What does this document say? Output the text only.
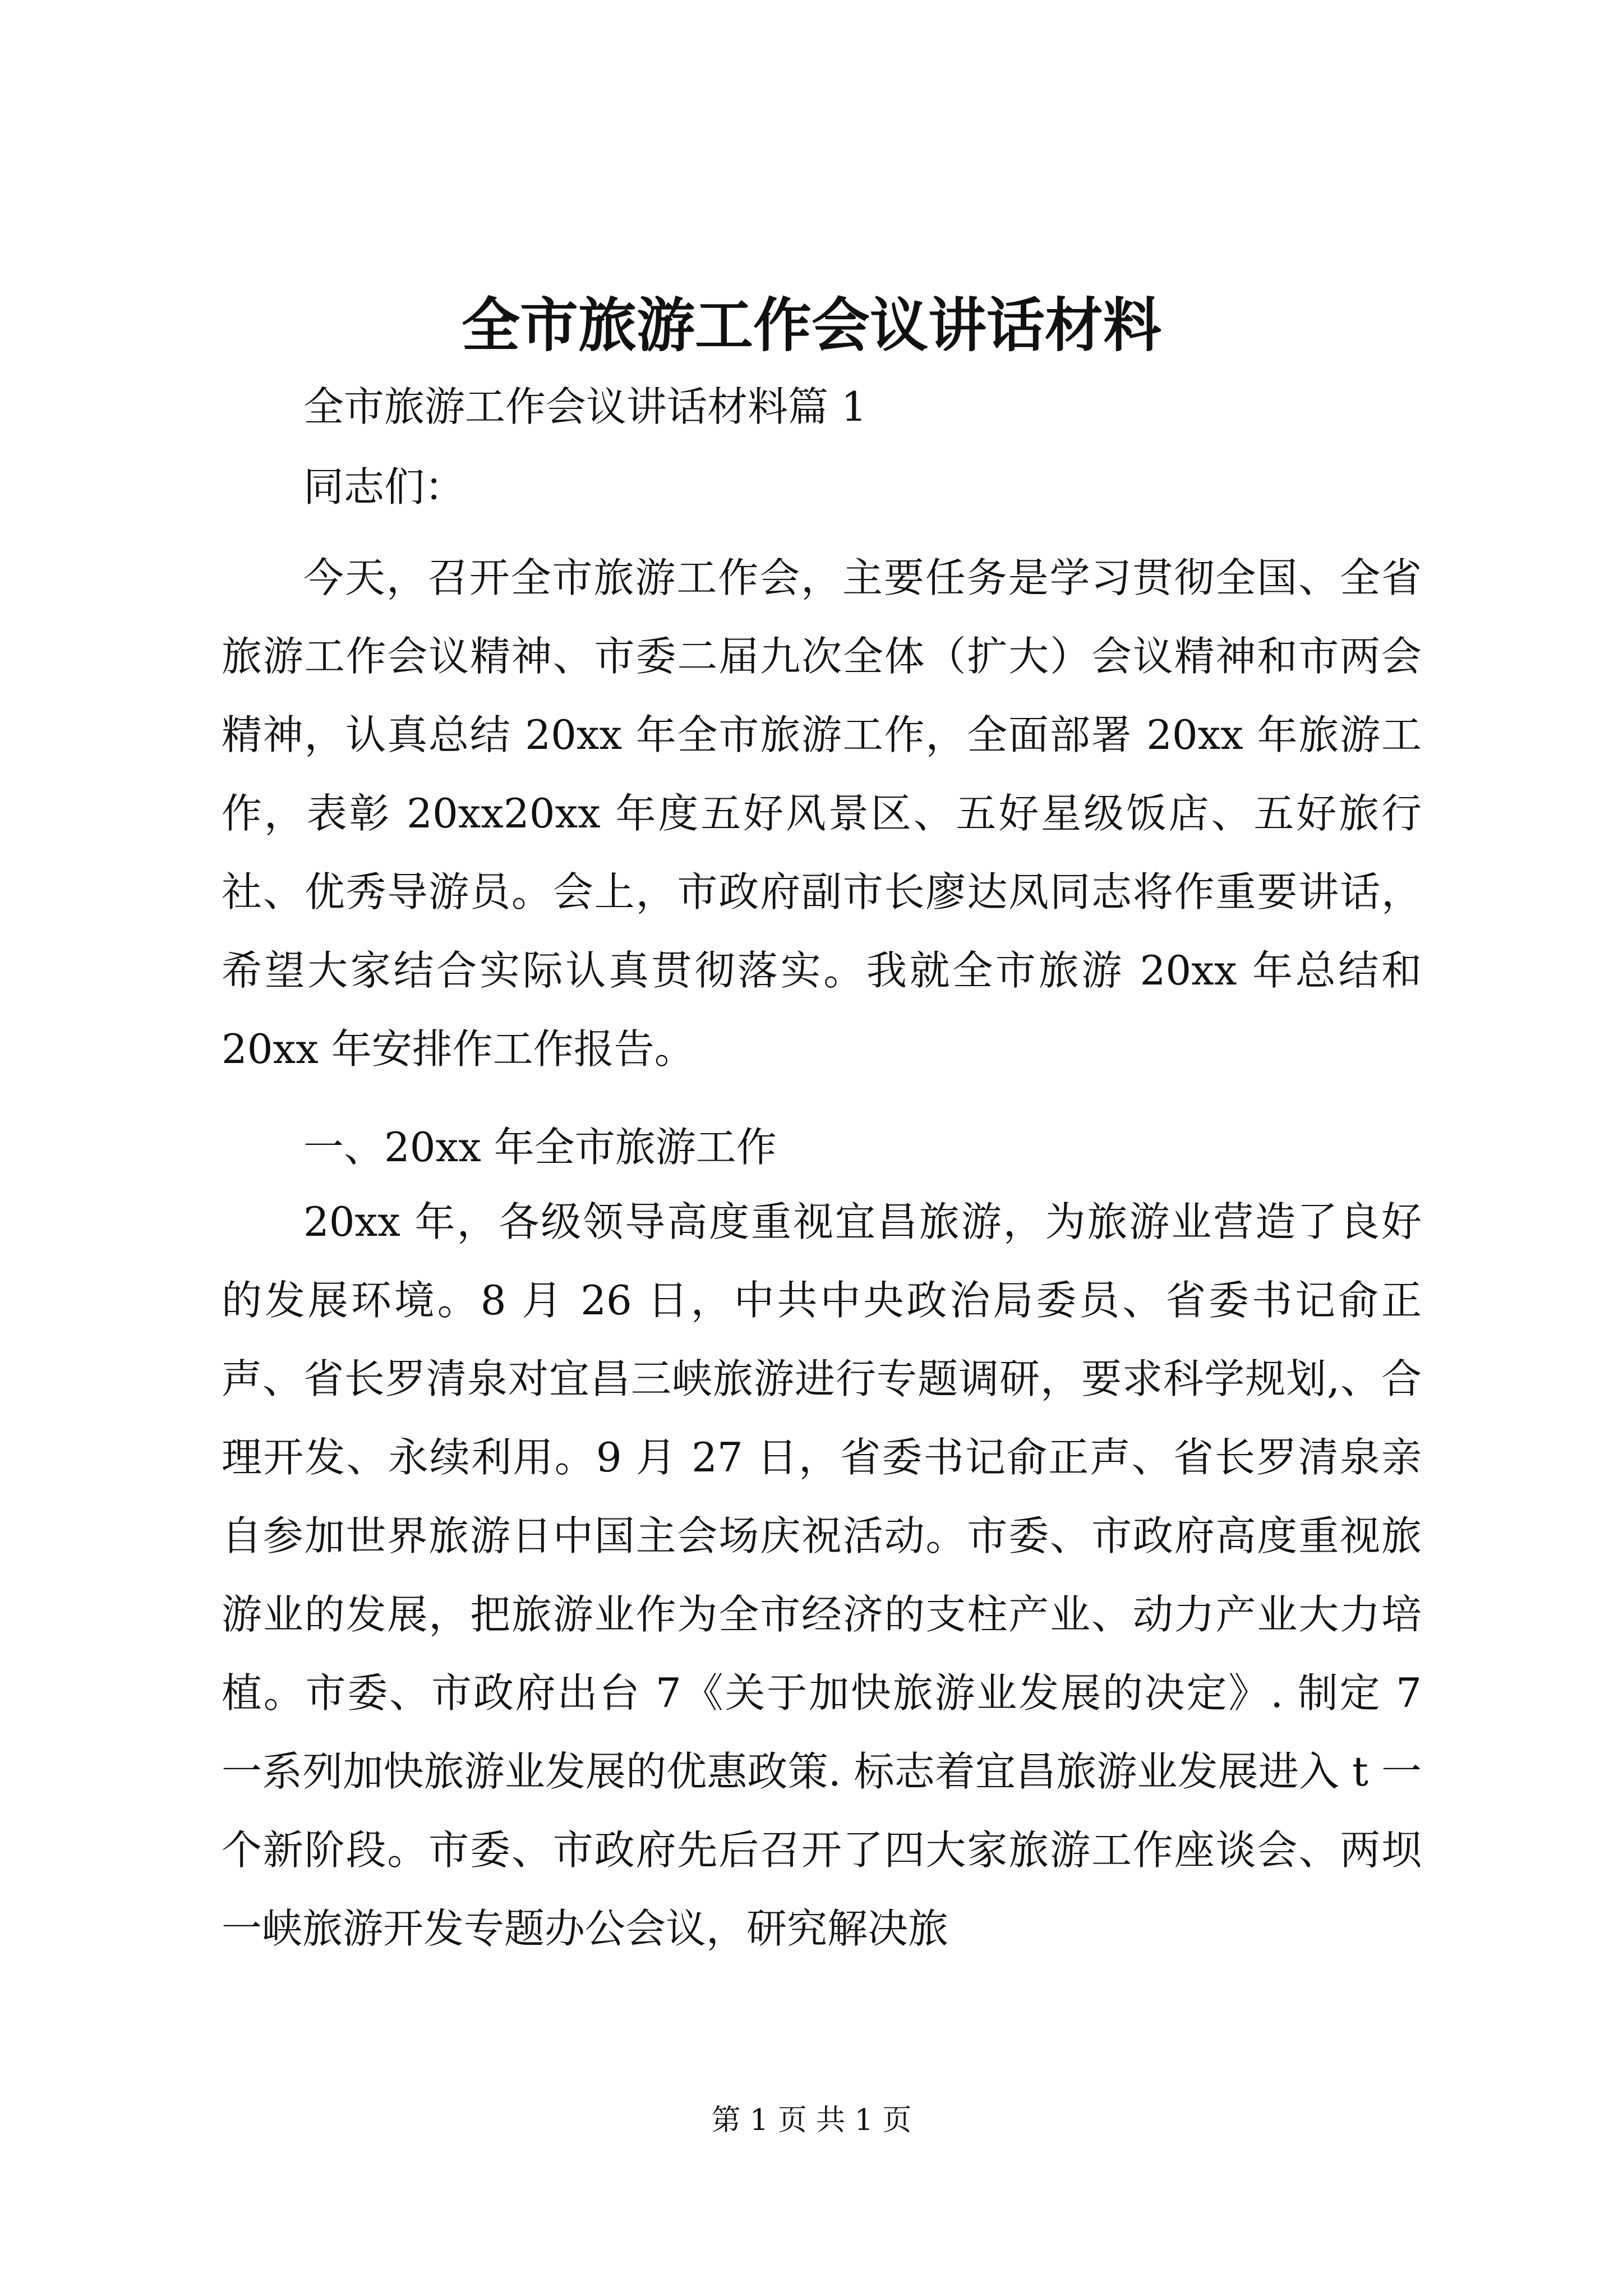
全市旅游工作会议讲话材料
全市旅游工作会议讲话材料篇 1
同志们：

今天，召开全市旅游工作会，主要任务是学习贯彻全国、全省旅游工作会议精神、市委二届九次全体（扩大）会议精神和市两会精神，认真总结 20xx 年全市旅游工作，全面部署 20xx 年旅游工作，表彰 20xx20xx 年度五好风景区、五好星级饭店、五好旅行社、优秀导游员。会上，市政府副市长廖达凤同志将作重要讲话，希望大家结合实际认真贯彻落实。我就全市旅游 20xx 年总结和 20xx 年安排作工作报告。

一、20xx 年全市旅游工作

20xx 年，各级领导高度重视宜昌旅游，为旅游业营造了良好的发展环境。8 月 26 日，中共中央政治局委员、省委书记俞正声、省长罗清泉对宜昌三峡旅游进行专题调研，要求科学规划,、合理开发、永续利用。9 月 27 日，省委书记俞正声、省长罗清泉亲自参加世界旅游日中国主会场庆祝活动。市委、市政府高度重视旅游业的发展，把旅游业作为全市经济的支柱产业、动力产业大力培植。市委、市政府出台 7《关于加快旅游业发展的决定》. 制定 7 一系列加快旅游业发展的优惠政策. 标志着宜昌旅游业发展进入 t 一个新阶段。市委、市政府先后召开了四大家旅游工作座谈会、两坝一峡旅游开发专题办公会议，研究解决旅

第 1 页 共 1 页
